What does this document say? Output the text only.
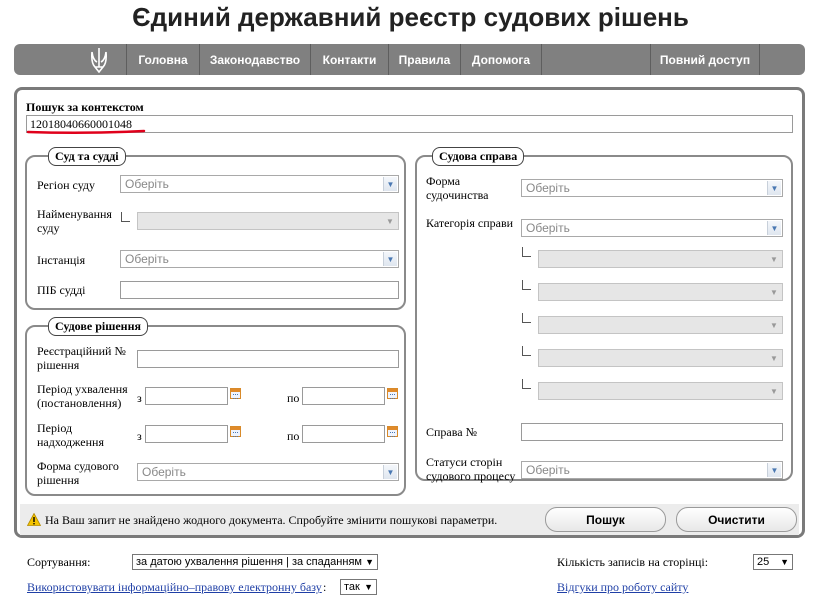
Єдиний державний реєстр судових рішень
Головна	Законодавство	Контакти	Правила	Допомога	Повний доступ
Пошук за контекстом
12018040660001048
Суд та судді
Регіон суду	Оберіть	▼
Найменування суду	▼
Інстанція	Оберіть	▼
ПІБ судді
Судове рішення
Реєстраційний № рішення
Період ухвалення (постановлення)	з	по
Період надходження	з	по
Форма судового рішення
Оберіть	▼
Судова справа
Форма судочинства	Оберіть	▼
Категорія справи	Оберіть	▼
▼
▼
▼
▼
▼
Справа №
Статуси сторін судового процесу Оберіть	▼
На Ваш запит не знайдено жодного документа. Спробуйте змінити пошукові параметри.	Пошук	Очистити
Сортування:	за датою ухвалення рішення | за спаданням ▼	Кількість записів на сторінці:	25 ▼
Використовувати інформаційно–правову електронну базу :	так ▼	Відгуки про роботу сайту
